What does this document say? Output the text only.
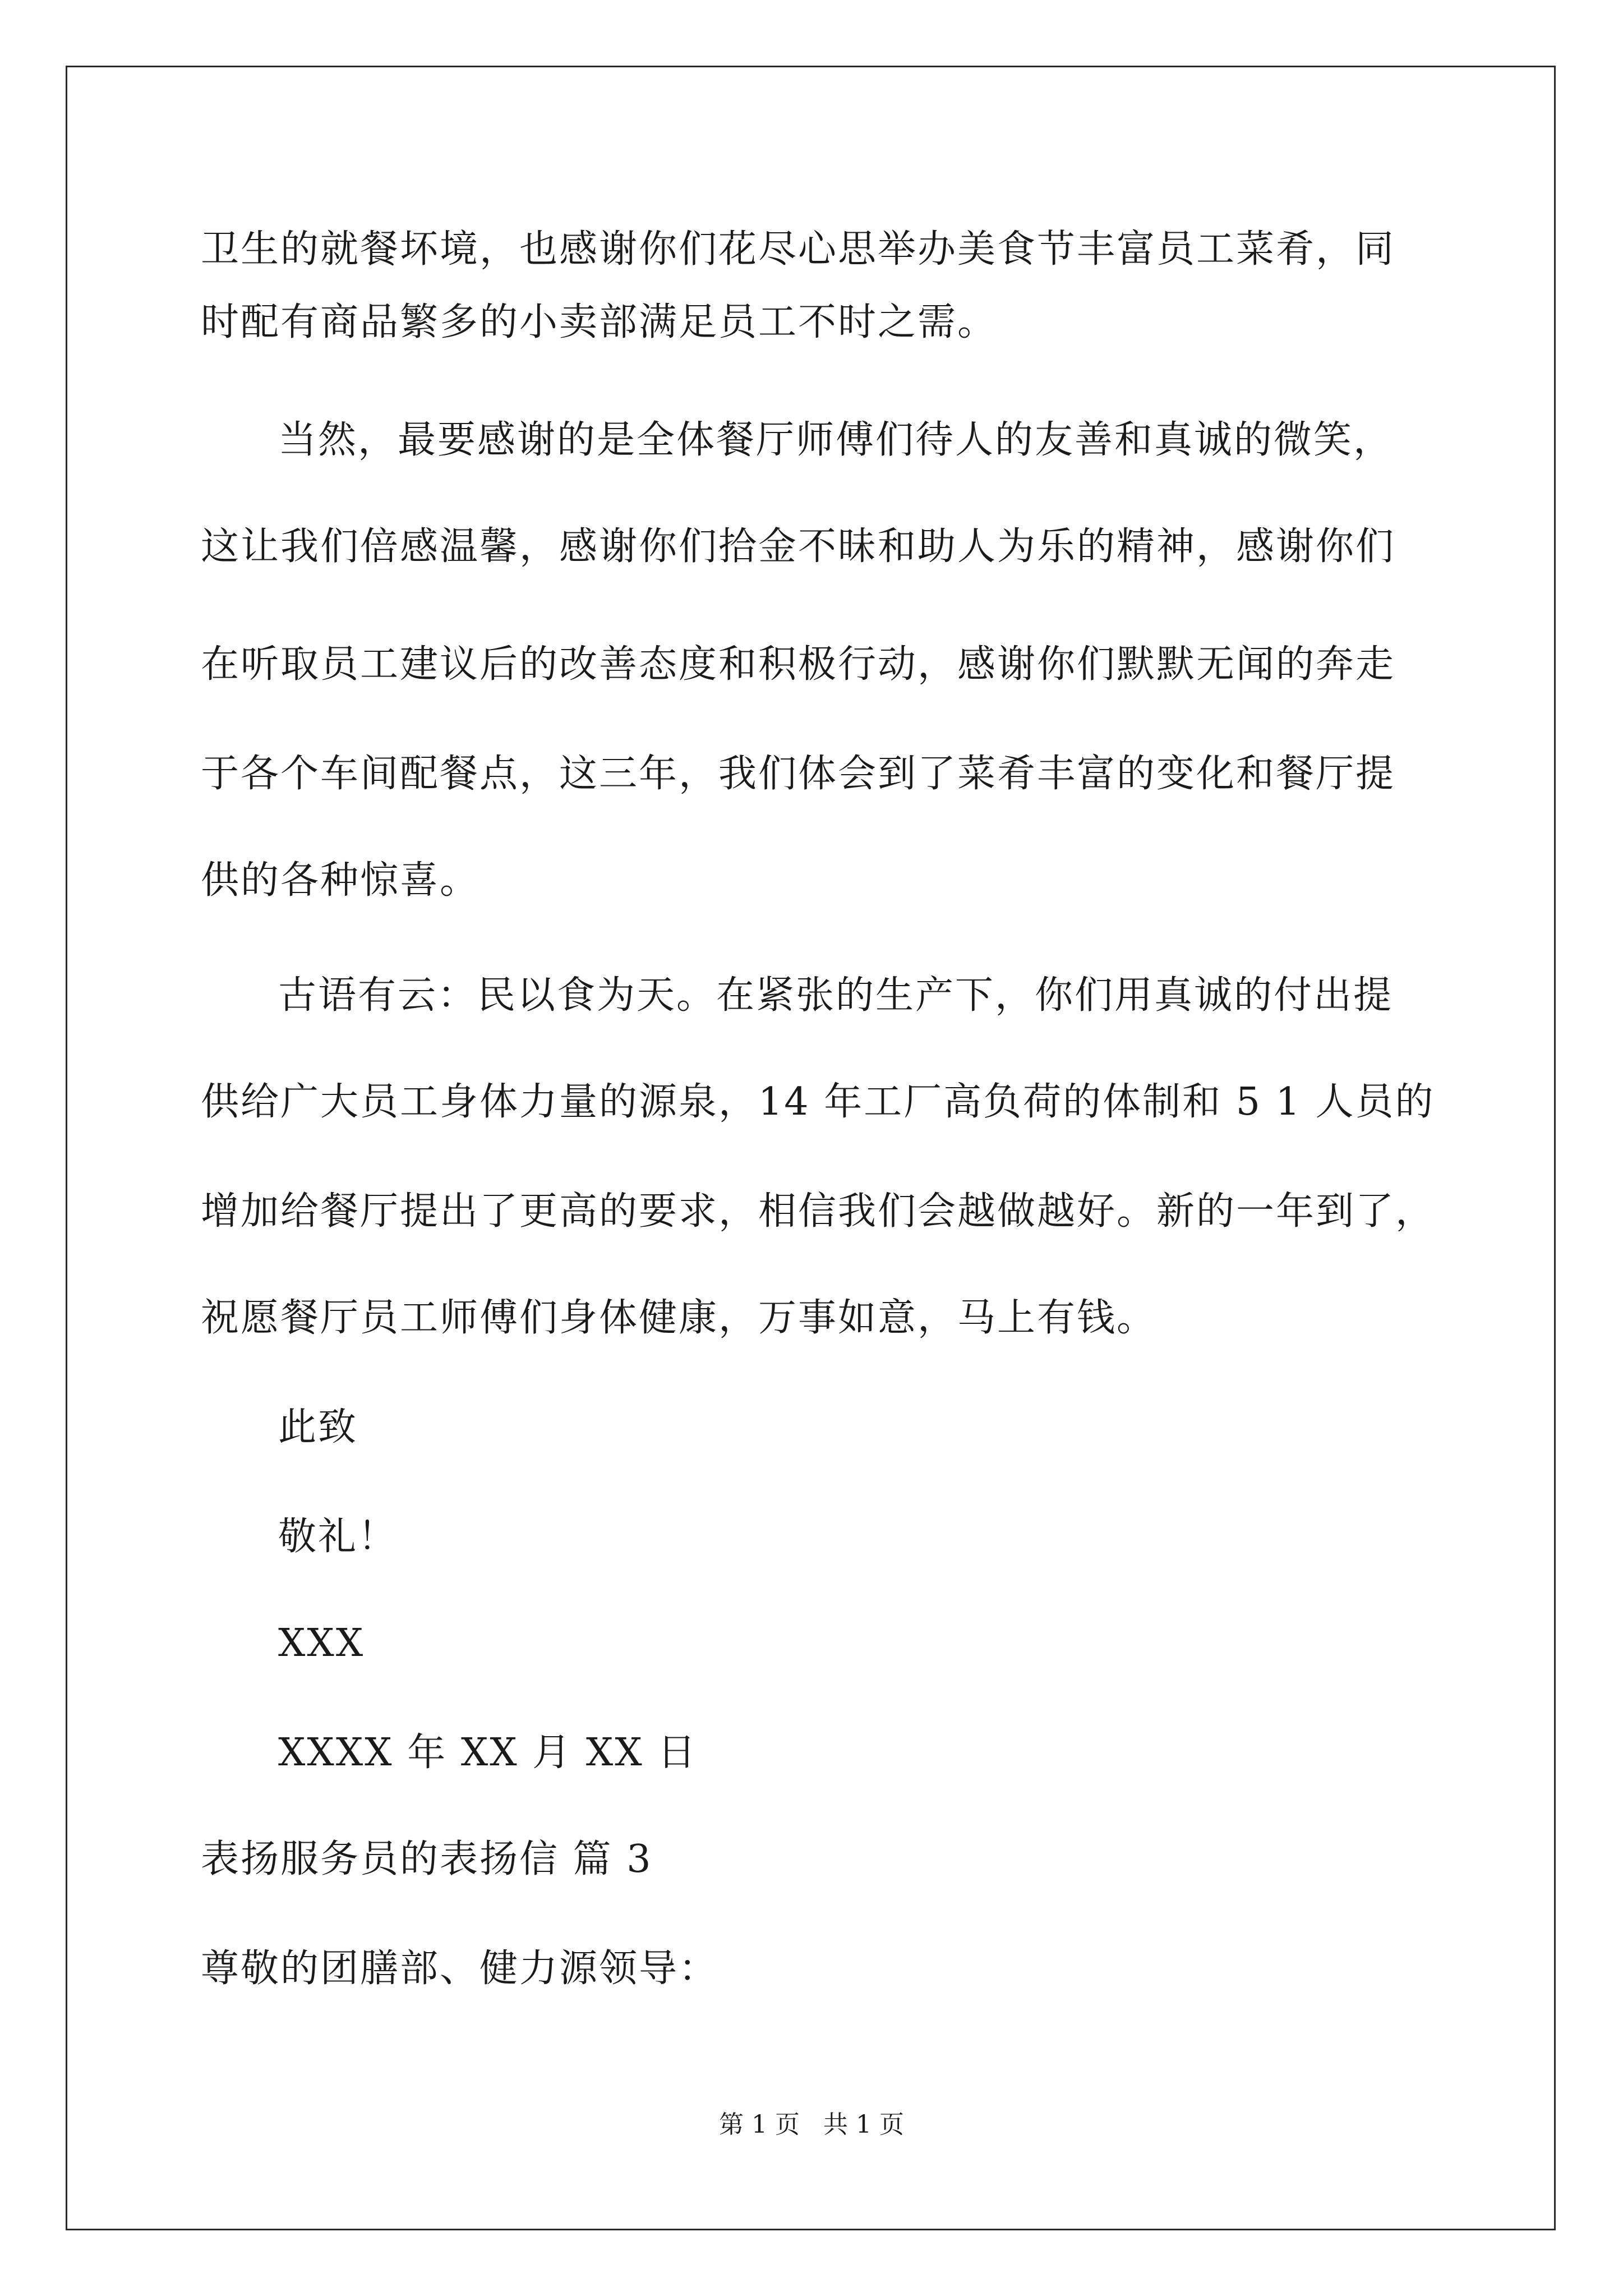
卫生的就餐坏境，也感谢你们花尽心思举办美食节丰富员工菜肴，同
时配有商品繁多的小卖部满足员工不时之需。
当然，最要感谢的是全体餐厅师傅们待人的友善和真诚的微笑，
这让我们倍感温馨，感谢你们拾金不昧和助人为乐的精神，感谢你们
在听取员工建议后的改善态度和积极行动，感谢你们默默无闻的奔走
于各个车间配餐点，这三年，我们体会到了菜肴丰富的变化和餐厅提
供的各种惊喜。
古语有云：民以食为天。在紧张的生产下，你们用真诚的付出提
供给广大员工身体力量的源泉，14 年工厂高负荷的体制和 5 1 人员的
增加给餐厅提出了更高的要求，相信我们会越做越好。新的一年到了，
祝愿餐厅员工师傅们身体健康，万事如意，马上有钱。
此致
敬礼！
XXX
XXXX 年 XX 月 XX 日
表扬服务员的表扬信 篇 3
尊敬的团膳部、健力源领导：
第 1 页   共 1 页
